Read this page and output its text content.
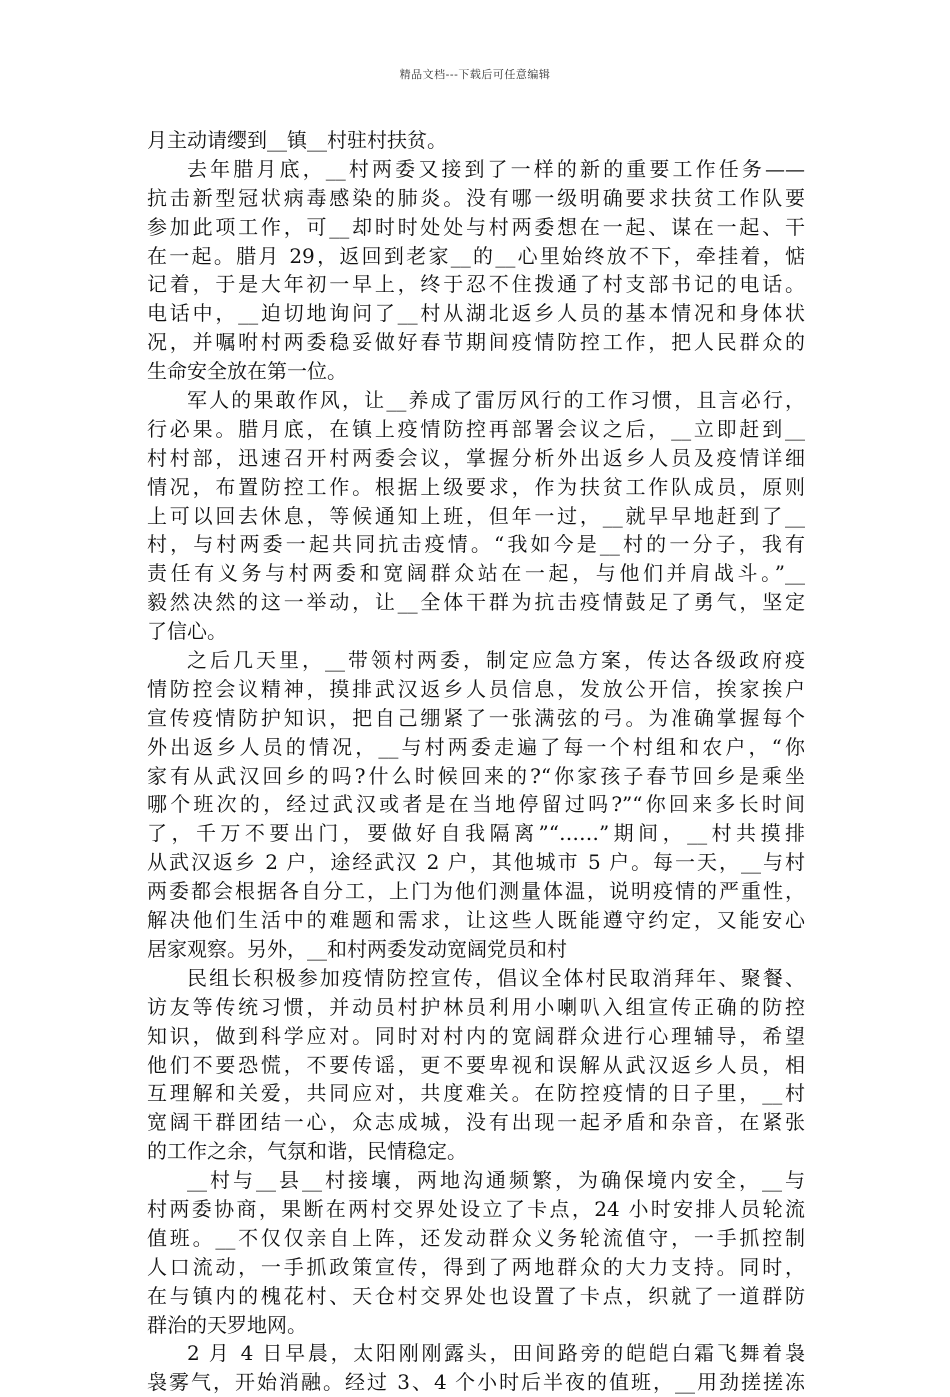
精品文档---下载后可任意编辑
月主动请缨到__镇__村驻村扶贫。
去年腊月底，__村两委又接到了一样的新的重要工作任务——
抗击新型冠状病毒感染的肺炎。没有哪一级明确要求扶贫工作队要
参加此项工作，可__却时时处处与村两委想在一起、谋在一起、干
在一起。腊月 29，返回到老家__的__心里始终放不下，牵挂着，惦
记着，于是大年初一早上，终于忍不住拨通了村支部书记的电话。
电话中，__迫切地询问了__村从湖北返乡人员的基本情况和身体状
况，并嘱咐村两委稳妥做好春节期间疫情防控工作，把人民群众的
生命安全放在第一位。
军人的果敢作风，让__养成了雷厉风行的工作习惯，且言必行，
行必果。腊月底，在镇上疫情防控再部署会议之后，__立即赶到__
村村部，迅速召开村两委会议，掌握分析外出返乡人员及疫情详细
情况，布置防控工作。根据上级要求，作为扶贫工作队成员，原则
上可以回去休息，等候通知上班，但年一过，__就早早地赶到了__
村，与村两委一起共同抗击疫情。“我如今是__村的一分子，我有
责任有义务与村两委和宽阔群众站在一起，与他们并肩战斗。”__
毅然决然的这一举动，让__全体干群为抗击疫情鼓足了勇气，坚定
了信心。
之后几天里，__带领村两委，制定应急方案，传达各级政府疫
情防控会议精神，摸排武汉返乡人员信息，发放公开信，挨家挨户
宣传疫情防护知识，把自己绷紧了一张满弦的弓。为准确掌握每个
外出返乡人员的情况，__与村两委走遍了每一个村组和农户，“你
家有从武汉回乡的吗?什么时候回来的?“你家孩子春节回乡是乘坐
哪个班次的，经过武汉或者是在当地停留过吗?”“你回来多长时间
了，千万不要出门，要做好自我隔离”“……”期间，__村共摸排
从武汉返乡 2 户，途经武汉 2 户，其他城市 5 户。每一天，__与村
两委都会根据各自分工，上门为他们测量体温，说明疫情的严重性，
解决他们生活中的难题和需求，让这些人既能遵守约定，又能安心
居家观察。另外，__和村两委发动宽阔党员和村
民组长积极参加疫情防控宣传，倡议全体村民取消拜年、聚餐、
访友等传统习惯，并动员村护林员利用小喇叭入组宣传正确的防控
知识，做到科学应对。同时对村内的宽阔群众进行心理辅导，希望
他们不要恐慌，不要传谣，更不要卑视和误解从武汉返乡人员，相
互理解和关爱，共同应对，共度难关。在防控疫情的日子里，__村
宽阔干群团结一心，众志成城，没有出现一起矛盾和杂音，在紧张
的工作之余，气氛和谐，民情稳定。
__村与__县__村接壤，两地沟通频繁，为确保境内安全，__与
村两委协商，果断在两村交界处设立了卡点，24 小时安排人员轮流
值班。__不仅仅亲自上阵，还发动群众义务轮流值守，一手抓控制
人口流动，一手抓政策宣传，得到了两地群众的大力支持。同时，
在与镇内的槐花村、天仓村交界处也设置了卡点，织就了一道群防
群治的天罗地网。
2 月 4 日早晨，太阳刚刚露头，田间路旁的皑皑白霜飞舞着袅
袅雾气，开始消融。经过 3、4 个小时后半夜的值班，__用劲搓搓冻
